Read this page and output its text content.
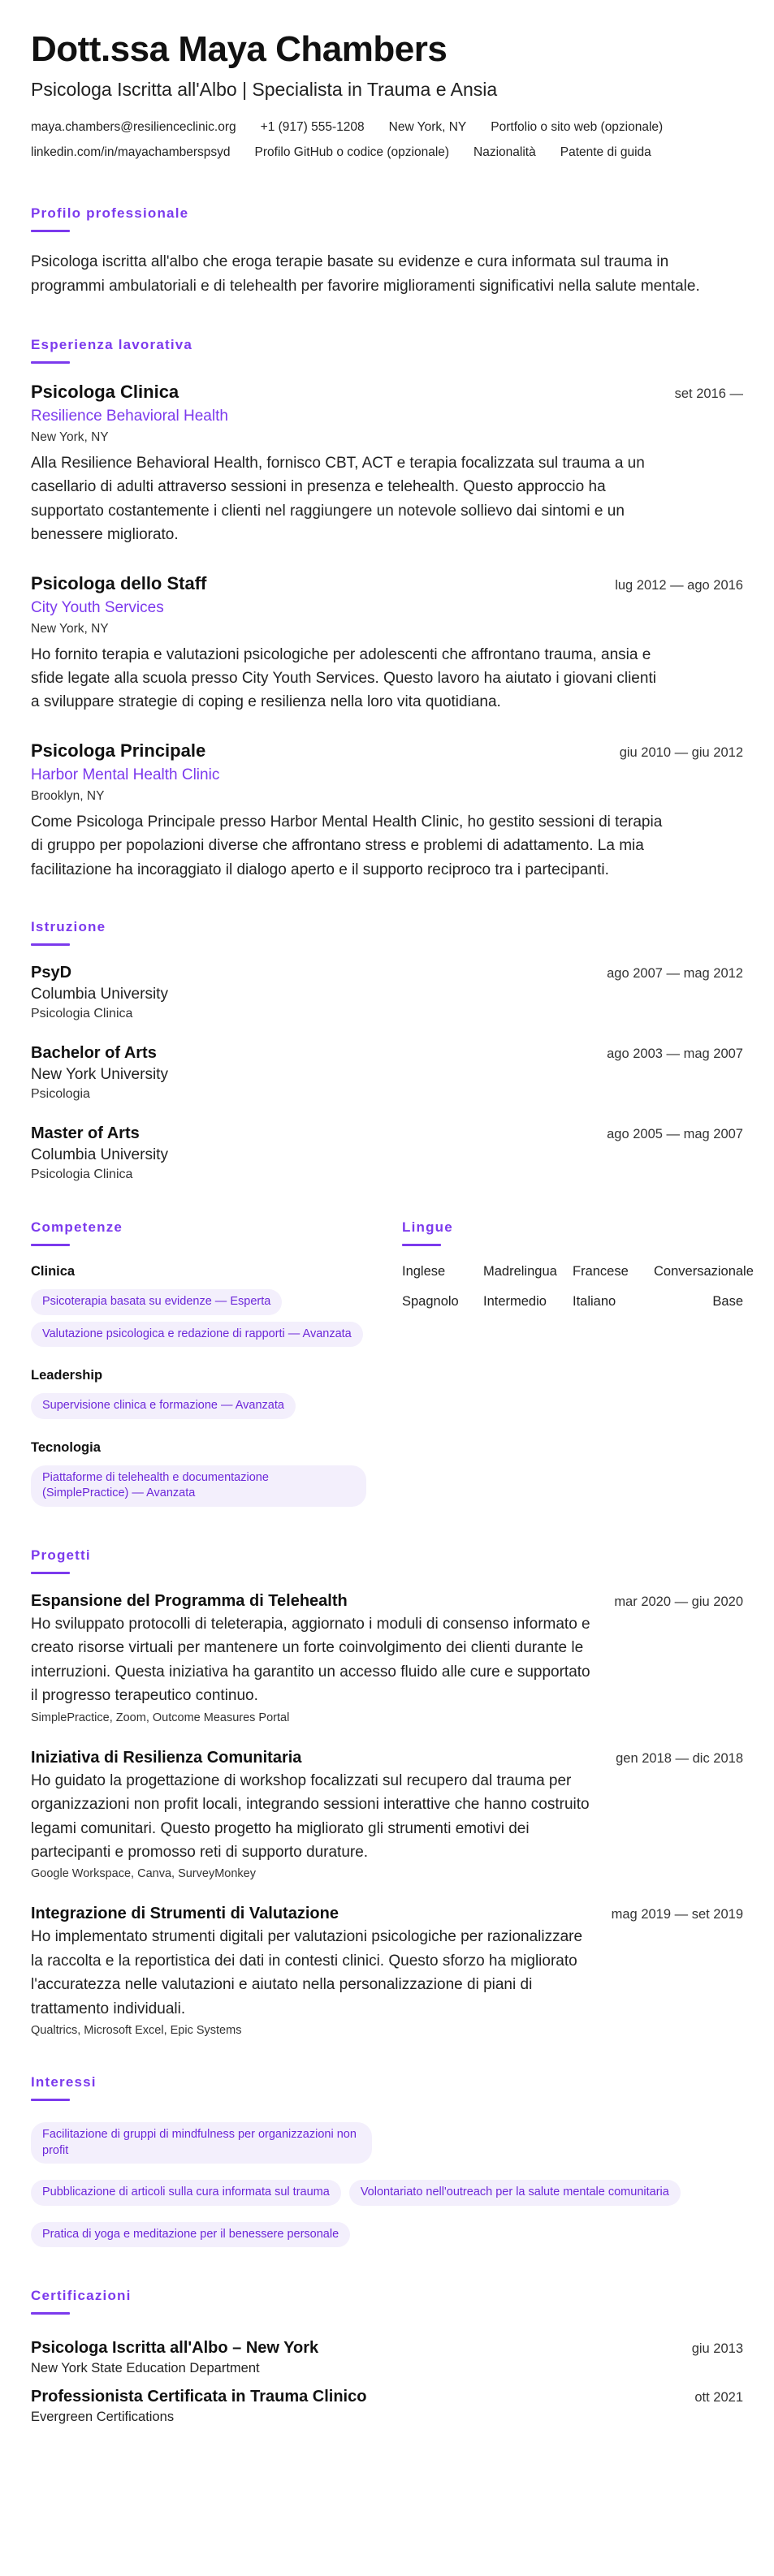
Dott.ssa Maya Chambers
Psicologa Iscritta all'Albo | Specialista in Trauma e Ansia
maya.chambers@resilienceclinic.org +1 (917) 555-1208 New York, NY Portfolio o sito web (opzionale)
linkedin.com/in/mayachamberspsyd Profilo GitHub o codice (opzionale) Nazionalità Patente di guida
Profilo professionale

Psicologa iscritta all'albo che eroga terapie basate su evidenze e cura informata sul trauma in programmi ambulatoriali e di telehealth per favorire miglioramenti significativi nella salute mentale.

Esperienza lavorativa
Psicologa Clinica	set 2016 —
Resilience Behavioral Health
New York, NY

Alla Resilience Behavioral Health, fornisco CBT, ACT e terapia focalizzata sul trauma a un casellario di adulti attraverso sessioni in presenza e telehealth. Questo approccio ha supportato costantemente i clienti nel raggiungere un notevole sollievo dai sintomi e un benessere migliorato.

Psicologa dello Staff	lug 2012 — ago 2016
City Youth Services
New York, NY

Ho fornito terapia e valutazioni psicologiche per adolescenti che affrontano trauma, ansia e sfide legate alla scuola presso City Youth Services. Questo lavoro ha aiutato i giovani clienti a sviluppare strategie di coping e resilienza nella loro vita quotidiana.

Psicologa Principale	giu 2010 — giu 2012
Harbor Mental Health Clinic
Brooklyn, NY

Come Psicologa Principale presso Harbor Mental Health Clinic, ho gestito sessioni di terapia di gruppo per popolazioni diverse che affrontano stress e problemi di adattamento. La mia facilitazione ha incoraggiato il dialogo aperto e il supporto reciproco tra i partecipanti.

Istruzione
PsyD	ago 2007 — mag 2012
Columbia University
Psicologia Clinica
Bachelor of Arts	ago 2003 — mag 2007
New York University
Psicologia
Master of Arts	ago 2005 — mag 2007
Columbia University
Psicologia Clinica
Competenze
Clinica
Psicoterapia basata su evidenze — Esperta
Valutazione psicologica e redazione di rapporti — Avanzata
Leadership
Supervisione clinica e formazione — Avanzata
Tecnologia
Piattaforme di telehealth e documentazione (SimplePractice) — Avanzata
Lingue
Inglese	Madrelingua	Francese	Conversazionale
Spagnolo	Intermedio	Italiano	Base
Progetti
Espansione del Programma di Telehealth	mar 2020 — giu 2020

Ho sviluppato protocolli di teleterapia, aggiornato i moduli di consenso informato e creato risorse virtuali per mantenere un forte coinvolgimento dei clienti durante le interruzioni. Questa iniziativa ha garantito un accesso fluido alle cure e supportato il progresso terapeutico continuo.

SimplePractice, Zoom, Outcome Measures Portal
Iniziativa di Resilienza Comunitaria	gen 2018 — dic 2018

Ho guidato la progettazione di workshop focalizzati sul recupero dal trauma per organizzazioni non profit locali, integrando sessioni interattive che hanno costruito legami comunitari. Questo progetto ha migliorato gli strumenti emotivi dei partecipanti e promosso reti di supporto durature.

Google Workspace, Canva, SurveyMonkey
Integrazione di Strumenti di Valutazione	mag 2019 — set 2019

Ho implementato strumenti digitali per valutazioni psicologiche per razionalizzare la raccolta e la reportistica dei dati in contesti clinici. Questo sforzo ha migliorato l'accuratezza nelle valutazioni e aiutato nella personalizzazione di piani di trattamento individuali.

Qualtrics, Microsoft Excel, Epic Systems
Interessi
Facilitazione di gruppi di mindfulness per organizzazioni non profit
Pubblicazione di articoli sulla cura informata sul trauma	Volontariato nell'outreach per la salute mentale comunitaria
Pratica di yoga e meditazione per il benessere personale
Certificazioni
Psicologa Iscritta all'Albo – New York	giu 2013
New York State Education Department
Professionista Certificata in Trauma Clinico	ott 2021
Evergreen Certifications
